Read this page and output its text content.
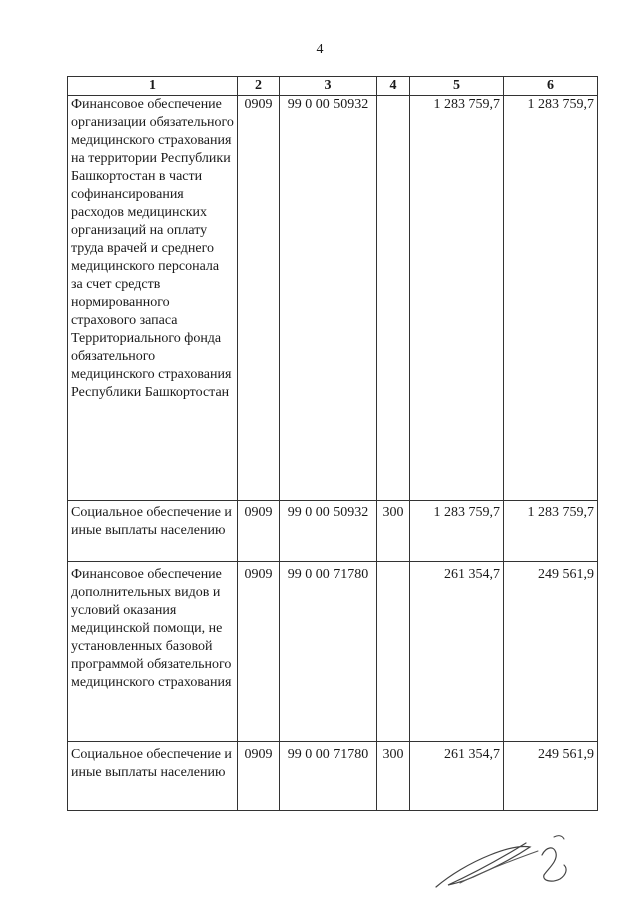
4
1	2	3	4	5	6
Финансовое обеспечение организации обязательного медицинского страхования на территории Республики Башкортостан в части софинансирования расходов медицинских организаций на оплату труда врачей и среднего медицинского персонала за счет средств нормированного страхового запаса Территориального фонда обязательного медицинского страхования Республики Башкортостан	0909	99 0 00 50932		1 283 759,7	1 283 759,7
Социальное обеспечение и иные выплаты населению	0909	99 0 00 50932	300	1 283 759,7	1 283 759,7
Финансовое обеспечение дополнительных видов и условий оказания медицинской помощи, не установленных базовой программой обязательного медицинского страхования	0909	99 0 00 71780		261 354,7	249 561,9
Социальное обеспечение и иные выплаты населению	0909	99 0 00 71780	300	261 354,7	249 561,9
